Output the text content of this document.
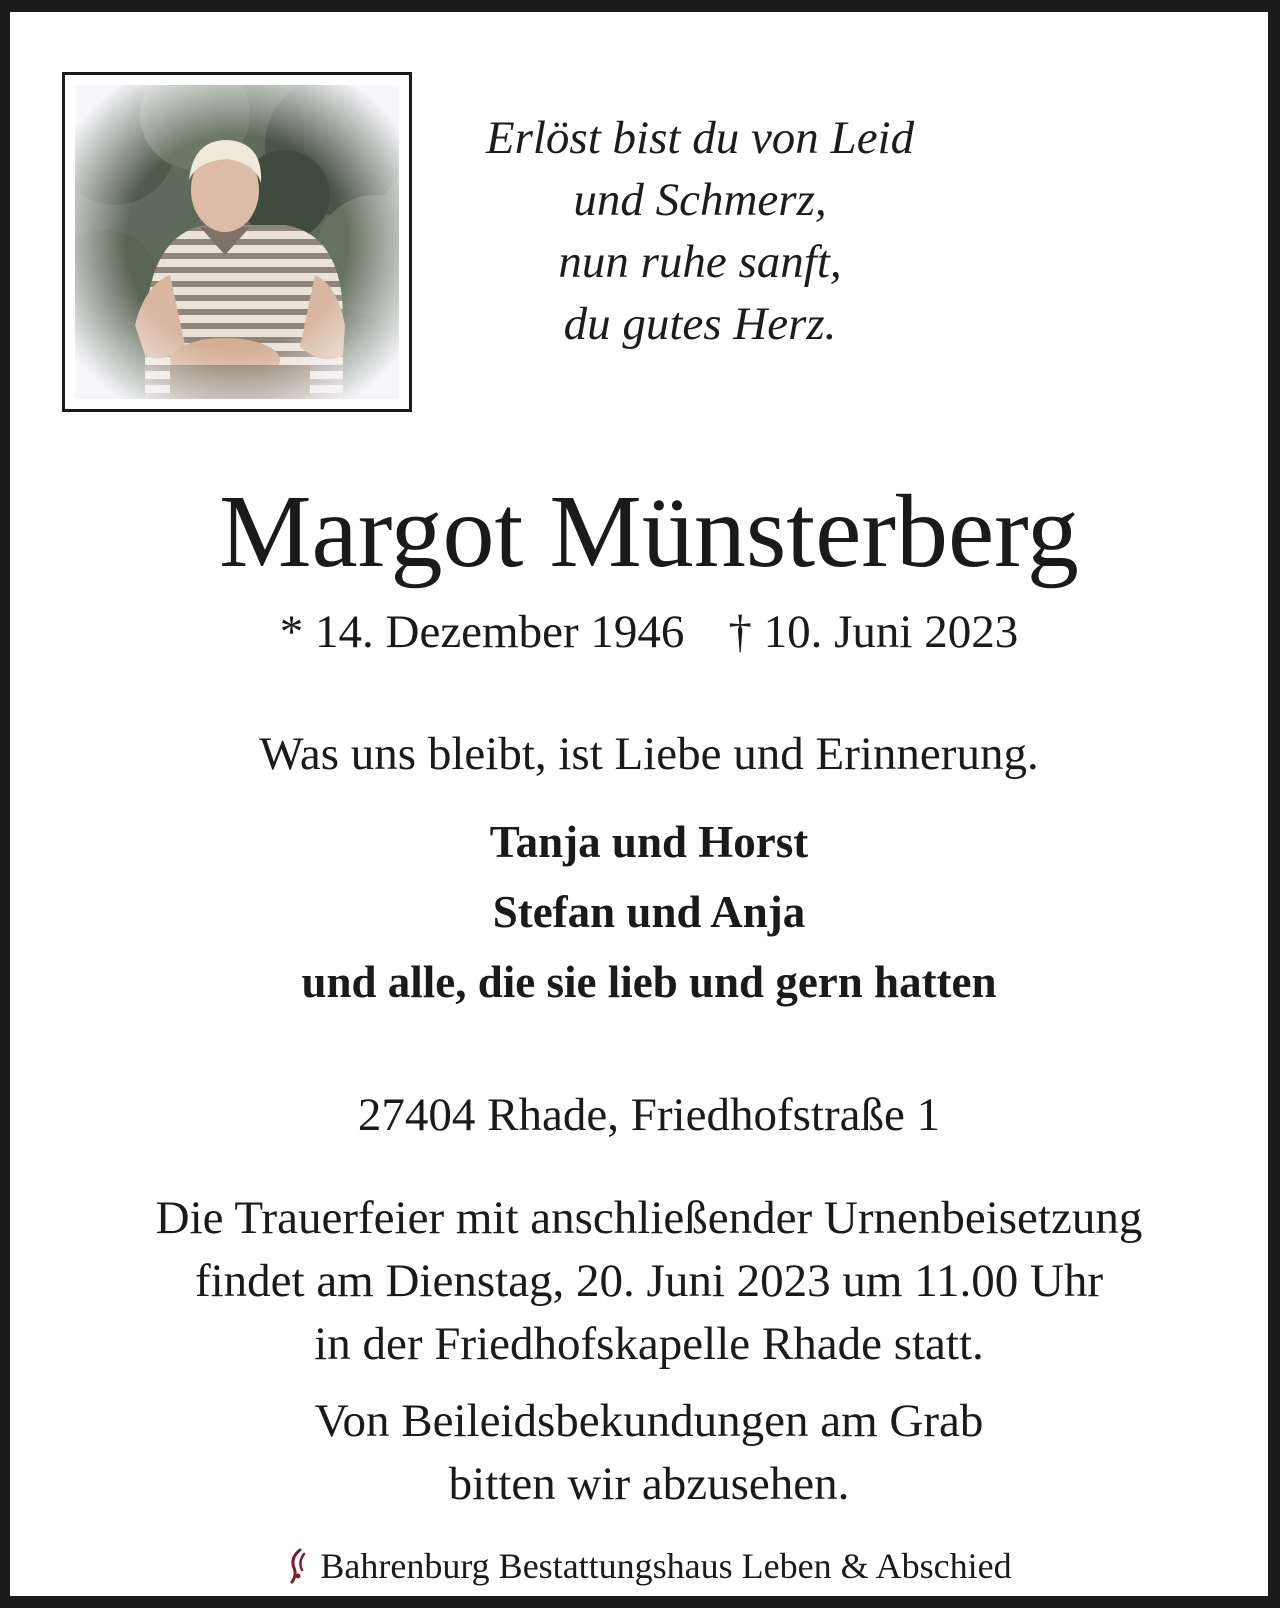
Erlöst bist du von Leid
und Schmerz,
nun ruhe sanft,
du gutes Herz.
Margot Münsterberg
* 14. Dezember 1946 † 10. Juni 2023
Was uns bleibt, ist Liebe und Erinnerung.
Tanja und Horst
Stefan und Anja
und alle, die sie lieb und gern hatten
27404 Rhade, Friedhofstraße 1
Die Trauerfeier mit anschließender Urnenbeisetzung
findet am Dienstag, 20. Juni 2023 um 11.00 Uhr
in der Friedhofskapelle Rhade statt.
Von Beileidsbekundungen am Grab
bitten wir abzusehen.
Bahrenburg Bestattungshaus Leben & Abschied
